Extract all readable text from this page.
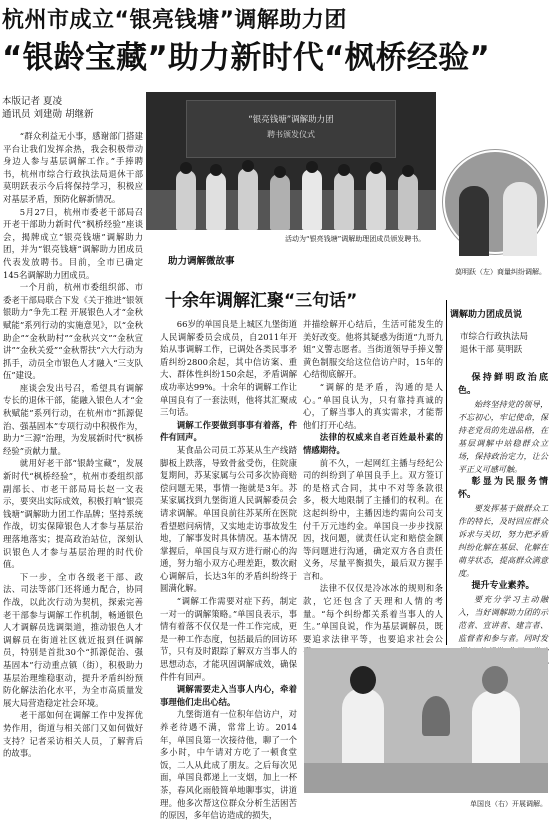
杭州市成立“银亮钱塘”调解助力团
“银龄宝藏”助力新时代“枫桥经验”
本版记者 夏凌
通讯员 刘建勋 胡继新

“群众利益无小事，感谢部门搭建平台让我们发挥余热，我会积极带动身边人参与基层调解工作。”手捧聘书，杭州市综合行政执法局退休干部莫明跃表示今后将保持学习，积极应对基层矛盾，预防化解新情况。

5月27日，杭州市委老干部局召开老干部助力新时代“枫桥经验”座谈会，揭牌成立“银亮钱塘”调解助力团，并为“银亮钱塘”调解助力团成员代表发放聘书。目前，全市已确定145名调解助力团成员。

一个月前，杭州市委组织部、市委老干部局联合下发《关于推进“银领银助力”争先工程 开展银色人才“金秋赋能”系列行动的实施意见》，以“金秋助企”“金秋助村”“金秋兴文”“金秋宣讲”“金秋关爱”“金秋帮扶”六大行动为抓手，动员全市银色人才融入“三支队伍”建设。

座谈会发出号召，希望具有调解专长的退休干部，能融入银色人才“金秋赋能”系列行动，在杭州市“抓源促治、强基固本”专项行动中积极作为，助力“三源”治理，为发展新时代“枫桥经验”贡献力量。

就用好老干部“银龄宝藏”，发展新时代“枫桥经验”，杭州市委组织部副部长、市老干部局局长赵一文表示，要突出实际成效，积极打响“银亮钱塘”调解助力团工作品牌；坚持系统作战，切实保障银色人才参与基层治理落地落实；提高政治站位，深刻认识银色人才参与基层治理的时代价值。

下一步，全市各级老干部、政法、司法等部门还将通力配合，协同作战，以此次行动为契机，探索完善老干部参与调解工作机制，畅通银色人才调解员选调渠道，推动银色人才调解员在街道社区就近报到任调解员，特别是首批30个“抓源促治、强基固本”行动重点镇（街），积极助力基层治理维稳驱动，提升矛盾纠纷预防化解法治化水平，为全市高质量发展大局营造稳定社会环境。

老干部如何在调解工作中发挥优势作用，街道与相关部门又如何做好支持？记者采访相关人员，了解背后的故事。

“银亮钱塘”调解助力团
聘书颁发仪式
活动为“银亮钱塘”调解助理团成员颁发聘书。
莫明跃（左）商量纠纷调解。
助力调解微故事
十余年调解汇聚“三句话”

66岁的单国良是上城区九堡街道人民调解委员会成员，自2011年开始从事调解工作，已调处各类民事矛盾纠纷2800余起，其中信访案、重大、群体性纠纷150余起，矛盾调解成功率达99%。十余年的调解工作让单国良有了一套法则，他将其汇聚成三句话。

调解工作要做到事事有着落，件件有回声。

某食品公司员工苏某从生产线踏脚板上跌落，导致骨盆受伤，住院康复期间，苏某家属与公司多次协商赔偿问题无果，事情一拖就是3年。苏某家属找到九堡街道人民调解委员会请求调解。单国良前往苏某所在医院看望慰问病情，又实地走访事故发生地，了解事发时具体情况。基本情况掌握后，单国良与双方进行耐心的沟通，努力缩小双方心理差距，数次耐心调解后，长达3年的矛盾纠纷终于圆满化解。

“调解工作需要对症下药，制定一对一的调解策略。”单国良表示，事情有着落不仅仅是一件工作完成，更是一种工作态度，包括最后的回访环节，只有及时跟踪了解双方当事人的思想动态，才能巩固调解成效，确保件件有回声。

调解需要走入当事人内心，牵着事理他们走出心结。

九堡街道有一位积年信访户，对养老待遇不满，常常上访。2014年，单国良第一次接待他，聊了一个多小时，中午请对方吃了一顿食堂饭，二人从此成了朋友。之后每次见面，单国良都递上一支烟，加上一杯茶，春风化雨般简单地聊事实，讲道理。他多次帮这位群众分析生活困苦的原因，多年信访造成的损失，

并描绘解开心结后，生活可能发生的美好改变。他将其疑惑为街道“九哥九姐”义警志愿者。当街道领导手捧义警黄色制服交给这位信访户时，15年的心结彻底解开。

“调解的是矛盾，沟通的是人心。”单国良认为，只有靠持真诚的心，了解当事人的真实需求，才能帮他们打开心结。

法律的权威来自老百姓最朴素的情感期待。

前不久，一起网红主播与经纪公司的纠纷到了单国良手上。双方签订的是格式合同，其中不对等条款很多，极大地限制了主播们的权利。在这起纠纷中，主播因违约需向公司支付千万元违约金。单国良一步步找原因，找问题，就责任认定和赔偿金额等问题进行沟通，确定双方各自责任义务，尽量平衡损失，最后双方握手言和。

法律不仅仅是冷冰冰的规则和条款，它还包含了天理和人情的考量。“每个纠纷都关系着当事人的人生。”单国良说，作为基层调解员，既要追求法律平等，也要追求社会公

调解助力团成员说
市综合行政执法局
退休干部 莫明跃

保持鲜明政治底色。

始终坚持党的领导，不忘初心，牢记使命，保持老党员的先进品格，在基层调解中站稳群众立场，保持政治定力，让公平正义可感可触。

彰显为民服务情怀。

要发挥基于做群众工作的特长，及时回应群众诉求与关切，努力把矛盾纠纷化解在基层、化解在萌芽状态，提高群众满意度。

提升专业素养。

要充分学习主动融入，当好调解助力团的示范者、宣讲者、建言者、监督者和参与者。同时发

单国良（右）开展调解。
